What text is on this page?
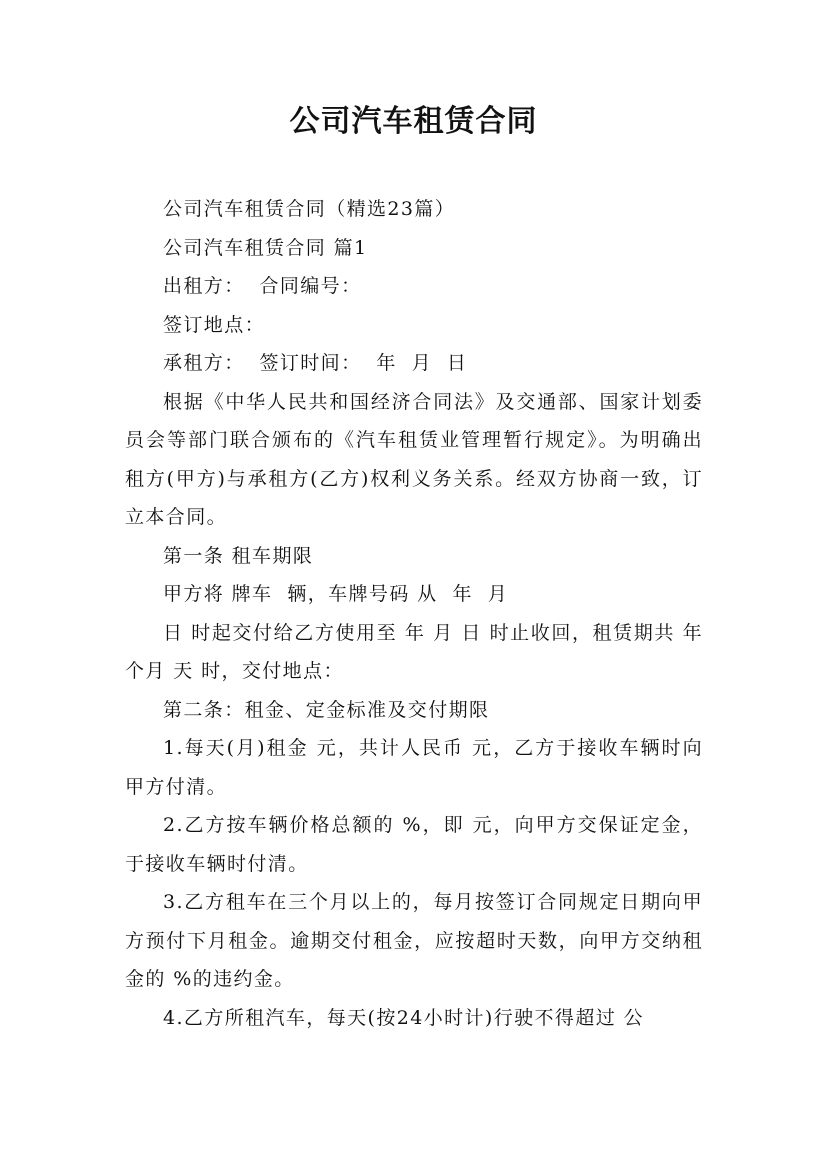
公司汽车租赁合同

公司汽车租赁合同（精选23篇）

公司汽车租赁合同 篇1

出租方：  合同编号：

签订地点：

承租方：  签订时间：  年  月  日

根据《中华人民共和国经济合同法》及交通部、国家计划委员会等部门联合颁布的《汽车租赁业管理暂行规定》。为明确出租方(甲方)与承租方(乙方)权利义务关系。经双方协商一致，订立本合同。

第一条 租车期限

甲方将 牌车  辆，车牌号码 从  年  月

日 时起交付给乙方使用至 年 月 日 时止收回，租赁期共 年 个月 天 时，交付地点：

第二条：租金、定金标准及交付期限

1.每天(月)租金 元，共计人民币 元，乙方于接收车辆时向甲方付清。

2.乙方按车辆价格总额的 %，即 元，向甲方交保证定金，于接收车辆时付清。

3.乙方租车在三个月以上的，每月按签订合同规定日期向甲方预付下月租金。逾期交付租金，应按超时天数，向甲方交纳租金的 %的违约金。

4.乙方所租汽车，每天(按24小时计)行驶不得超过 公
